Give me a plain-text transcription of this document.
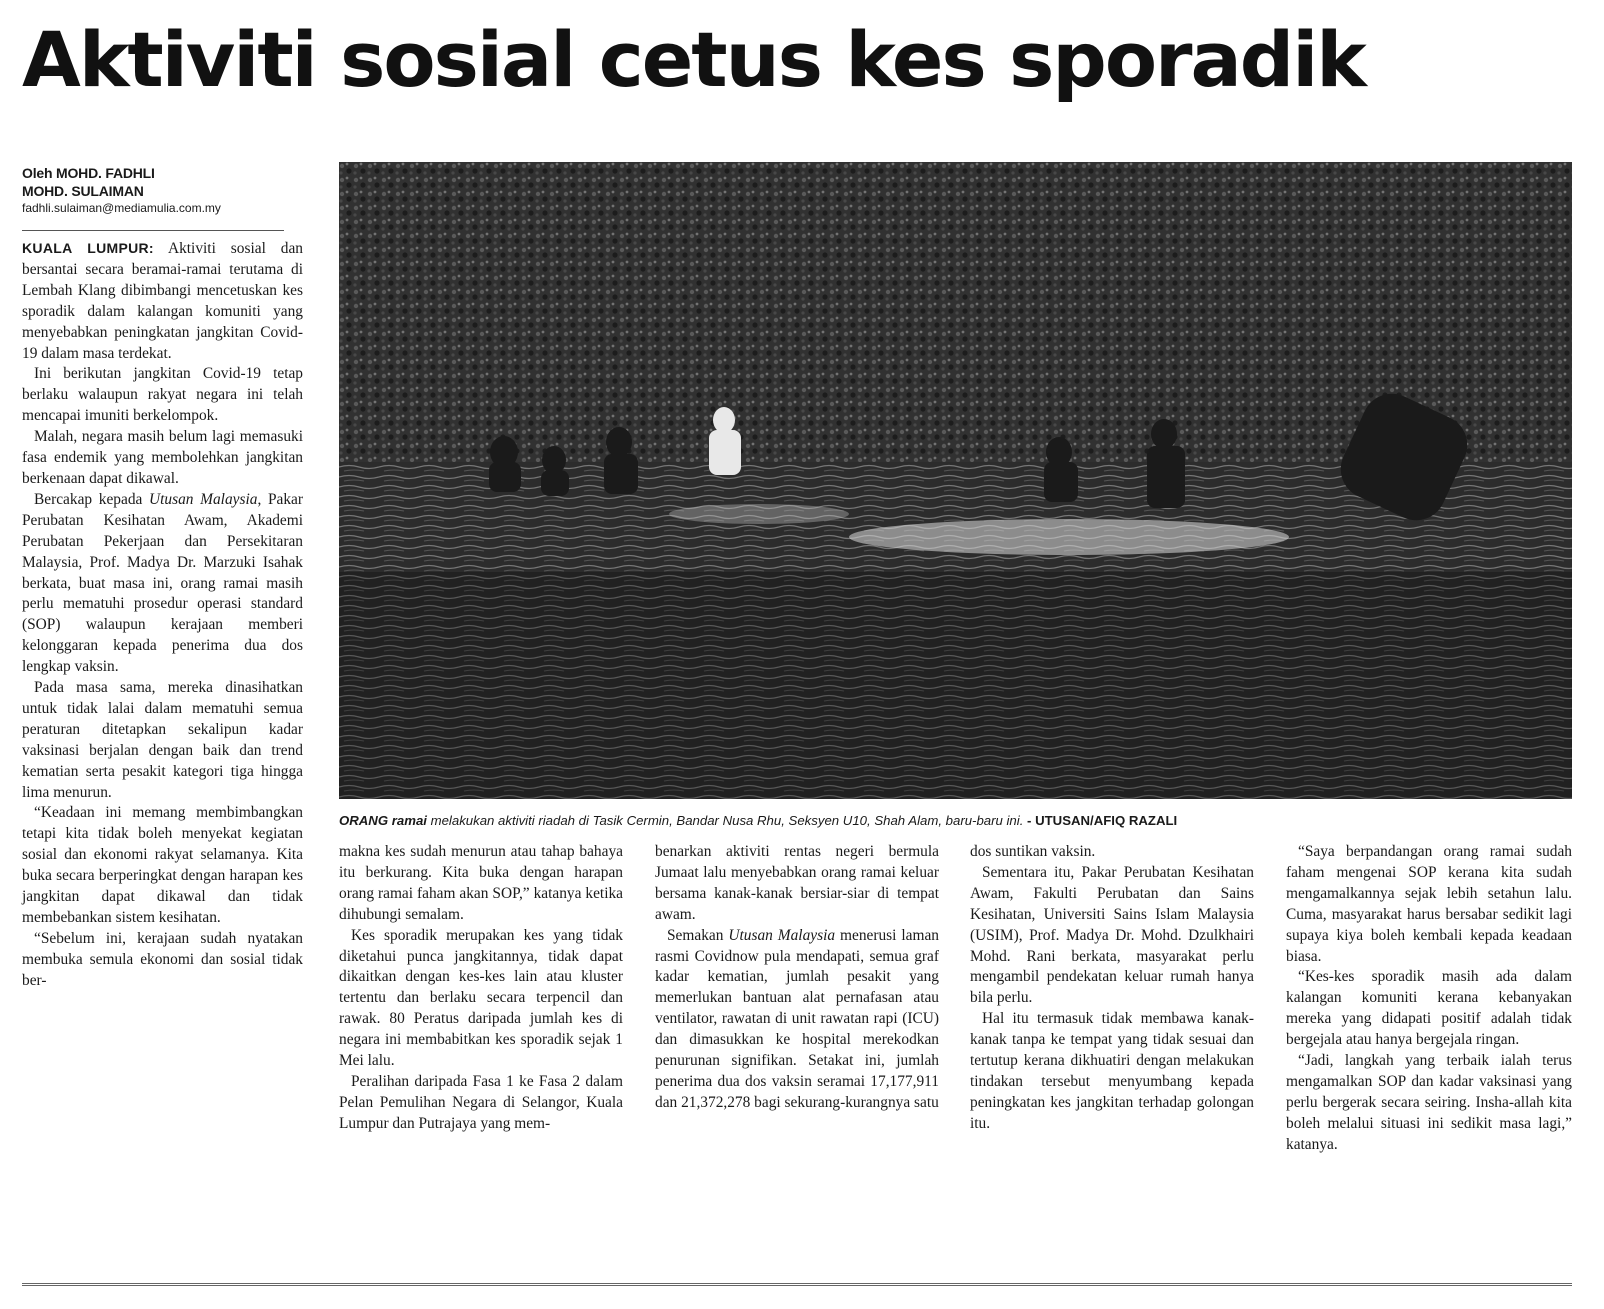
Aktiviti sosial cetus kes sporadik
Oleh MOHD. FADHLI
MOHD. SULAIMAN
fadhli.sulaiman@mediamulia.com.my

KUALA LUMPUR: Aktiviti sosial dan bersantai secara beramai-ramai terutama di Lembah Klang dibimbangi mencetuskan kes sporadik dalam kalangan komuniti yang menyebabkan peningkatan jangkitan Covid-19 dalam masa terdekat.

Ini berikutan jangkitan Covid-19 tetap berlaku walaupun rakyat negara ini telah mencapai imuniti berkelompok.

Malah, negara masih belum lagi memasuki fasa endemik yang membolehkan jangkitan berkenaan dapat dikawal.

Bercakap kepada Utusan Malaysia, Pakar Perubatan Kesihatan Awam, Akademi Perubatan Pekerjaan dan Persekitaran Malaysia, Prof. Madya Dr. Marzuki Isahak berkata, buat masa ini, orang ramai masih perlu mematuhi prosedur operasi standard (SOP) walaupun kerajaan memberi kelonggaran kepada penerima dua dos lengkap vaksin.

Pada masa sama, mereka dinasihatkan untuk tidak lalai dalam mematuhi semua peraturan ditetapkan sekalipun kadar vaksinasi berjalan dengan baik dan trend kematian serta pesakit kategori tiga hingga lima menurun.

“Keadaan ini memang membimbangkan tetapi kita tidak boleh menyekat kegiatan sosial dan ekonomi rakyat selamanya. Kita buka secara berperingkat dengan harapan kes jangkitan dapat dikawal dan tidak membebankan sistem kesihatan.

“Sebelum ini, kerajaan sudah nyatakan membuka semula ekonomi dan sosial tidak ber-

ORANG ramai melakukan aktiviti riadah di Tasik Cermin, Bandar Nusa Rhu, Seksyen U10, Shah Alam, baru-baru ini. - UTUSAN/AFIQ RAZALI

makna kes sudah menurun atau tahap bahaya itu berkurang. Kita buka dengan harapan orang ramai faham akan SOP,” katanya ketika dihubungi semalam.

Kes sporadik merupakan kes yang tidak diketahui punca jangkitannya, tidak dapat dikaitkan dengan kes-kes lain atau kluster tertentu dan berlaku secara terpencil dan rawak. 80 Peratus daripada jumlah kes di negara ini membabitkan kes sporadik sejak 1 Mei lalu.

Peralihan daripada Fasa 1 ke Fasa 2 dalam Pelan Pemulihan Negara di Selangor, Kuala Lumpur dan Putrajaya yang mem-

benarkan aktiviti rentas negeri bermula Jumaat lalu menyebabkan orang ramai keluar bersama kanak-kanak bersiar-siar di tempat awam.

Semakan Utusan Malaysia menerusi laman rasmi Covidnow pula mendapati, semua graf kadar kematian, jumlah pesakit yang memerlukan bantuan alat pernafasan atau ventilator, rawatan di unit rawatan rapi (ICU) dan dimasukkan ke hospital merekodkan penurunan signifikan. Setakat ini, jumlah penerima dua dos vaksin seramai 17,177,911 dan 21,372,278 bagi sekurang-kurangnya satu

dos suntikan vaksin.

Sementara itu, Pakar Perubatan Kesihatan Awam, Fakulti Perubatan dan Sains Kesihatan, Universiti Sains Islam Malaysia (USIM), Prof. Madya Dr. Mohd. Dzulkhairi Mohd. Rani berkata, masyarakat perlu mengambil pendekatan keluar rumah hanya bila perlu.

Hal itu termasuk tidak membawa kanak-kanak tanpa ke tempat yang tidak sesuai dan tertutup kerana dikhuatiri dengan melakukan tindakan tersebut menyumbang kepada peningkatan kes jangkitan terhadap golongan itu.

“Saya berpandangan orang ramai sudah faham mengenai SOP kerana kita sudah mengamalkannya sejak lebih setahun lalu. Cuma, masyarakat harus bersabar sedikit lagi supaya kiya boleh kembali kepada keadaan biasa.

“Kes-kes sporadik masih ada dalam kalangan komuniti kerana kebanyakan mereka yang didapati positif adalah tidak bergejala atau hanya bergejala ringan.

“Jadi, langkah yang terbaik ialah terus mengamalkan SOP dan kadar vaksinasi yang perlu bergerak secara seiring. Insha-allah kita boleh melalui situasi ini sedikit masa lagi,” katanya.
